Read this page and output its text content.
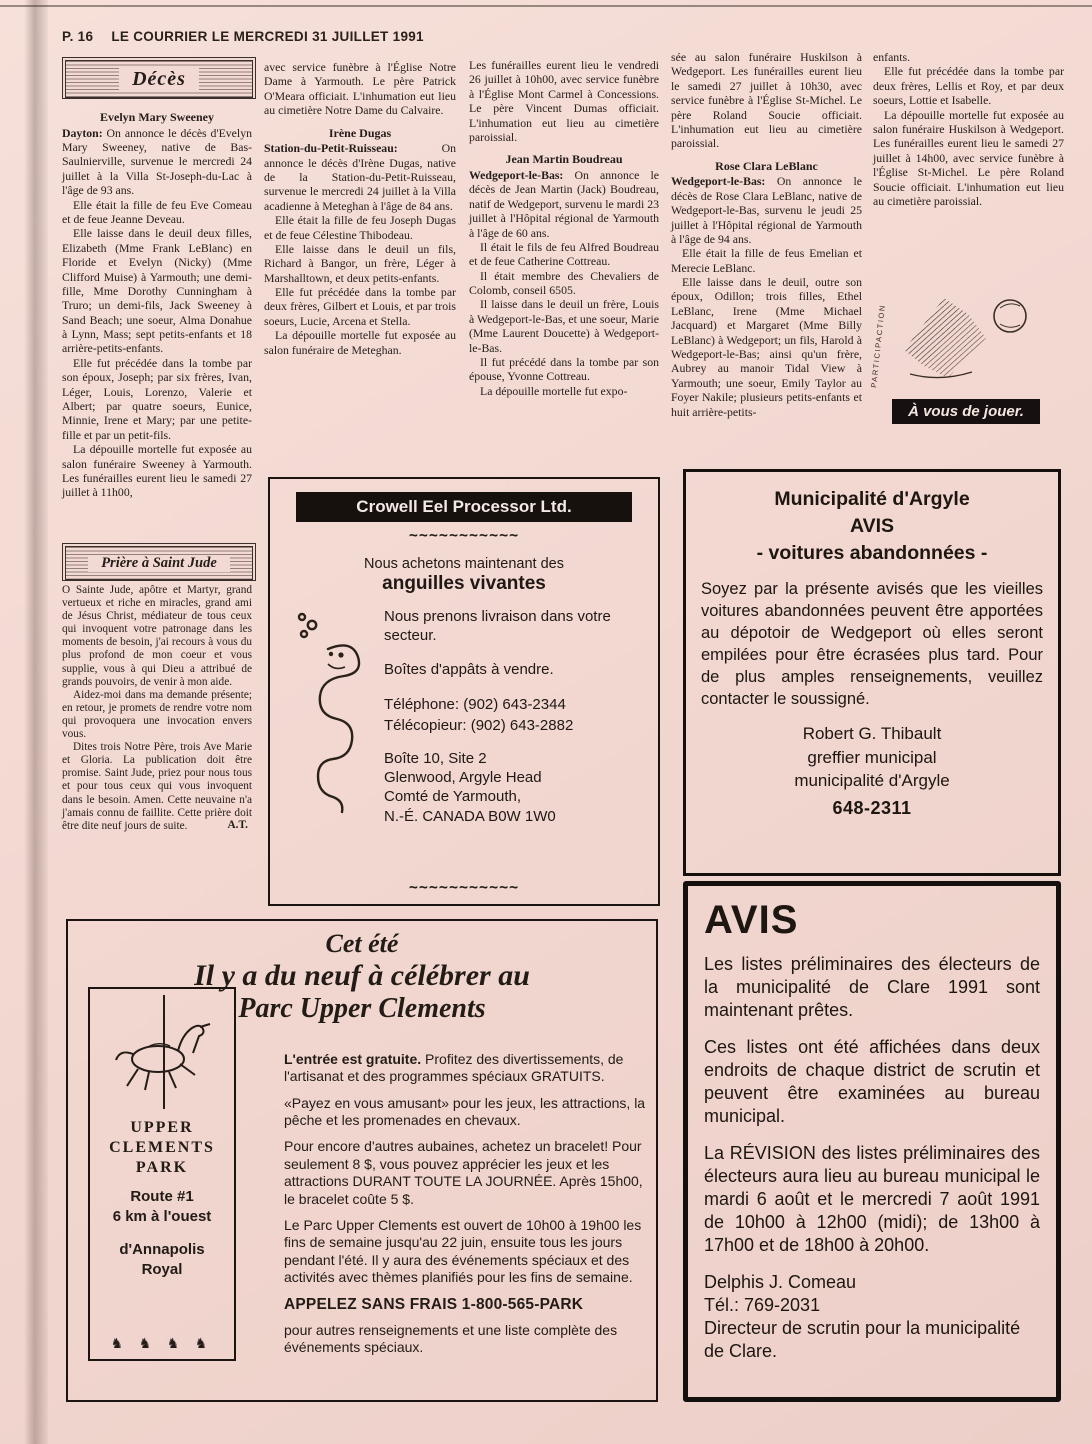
P. 16 LE COURRIER LE MERCREDI 31 JUILLET 1991
Décès
Evelyn Mary Sweeney

Dayton: On annonce le décès d'Evelyn Mary Sweeney, native de Bas-Saulnierville, survenue le mercredi 24 juillet à la Villa St-Joseph-du-Lac à l'âge de 93 ans.

Elle était la fille de feu Eve Comeau et de feue Jeanne Deveau.

Elle laisse dans le deuil deux filles, Elizabeth (Mme Frank LeBlanc) en Floride et Evelyn (Nicky) (Mme Clifford Muise) à Yarmouth; une demi-fille, Mme Dorothy Cunningham à Truro; un demi-fils, Jack Sweeney à Sand Beach; une soeur, Alma Donahue à Lynn, Mass; sept petits-enfants et 18 arrière-petits-enfants.

Elle fut précédée dans la tombe par son époux, Joseph; par six frères, Ivan, Léger, Louis, Lorenzo, Valerie et Albert; par quatre soeurs, Eunice, Minnie, Irene et Mary; par une petite-fille et par un petit-fils.

La dépouille mortelle fut exposée au salon funéraire Sweeney à Yarmouth. Les funérailles eurent lieu le samedi 27 juillet à 11h00,

avec service funèbre à l'Église Notre Dame à Yarmouth. Le père Patrick O'Meara officiait. L'inhumation eut lieu au cimetière Notre Dame du Calvaire.

Irène Dugas

Station-du-Petit-Ruisseau: On annonce le décès d'Irène Dugas, native de la Station-du-Petit-Ruisseau, survenue le mercredi 24 juillet à la Villa acadienne à Meteghan à l'âge de 84 ans.

Elle était la fille de feu Joseph Dugas et de feue Célestine Thibodeau.

Elle laisse dans le deuil un fils, Richard à Bangor, un frère, Léger à Marshalltown, et deux petits-enfants.

Elle fut précédée dans la tombe par deux frères, Gilbert et Louis, et par trois soeurs, Lucie, Arcena et Stella.

La dépouille mortelle fut exposée au salon funéraire de Meteghan.

Les funérailles eurent lieu le vendredi 26 juillet à 10h00, avec service funèbre à l'Église Mont Carmel à Concessions. Le père Vincent Dumas officiait. L'inhumation eut lieu au cimetière paroissial.

Jean Martin Boudreau

Wedgeport-le-Bas: On annonce le décès de Jean Martin (Jack) Boudreau, natif de Wedgeport, survenu le mardi 23 juillet à l'Hôpital régional de Yarmouth à l'âge de 60 ans.

Il était le fils de feu Alfred Boudreau et de feue Catherine Cottreau.

Il était membre des Chevaliers de Colomb, conseil 6505.

Il laisse dans le deuil un frère, Louis à Wedgeport-le-Bas, et une soeur, Marie (Mme Laurent Doucette) à Wedgeport-le-Bas.

Il fut précédé dans la tombe par son épouse, Yvonne Cottreau.

La dépouille mortelle fut expo-

sée au salon funéraire Huskilson à Wedgeport. Les funérailles eurent lieu le samedi 27 juillet à 10h30, avec service funèbre à l'Église St-Michel. Le père Roland Soucie officiait. L'inhumation eut lieu au cimetière paroissial.

Rose Clara LeBlanc

Wedgeport-le-Bas: On annonce le décès de Rose Clara LeBlanc, native de Wedgeport-le-Bas, survenu le jeudi 25 juillet à l'Hôpital régional de Yarmouth à l'âge de 94 ans.

Elle était la fille de feus Emelian et Merecie LeBlanc.

Elle laisse dans le deuil, outre son époux, Odillon; trois filles, Ethel LeBlanc, Irene (Mme Michael Jacquard) et Margaret (Mme Billy LeBlanc) à Wedgeport; un fils, Harold à Wedgeport-le-Bas; ainsi qu'un frère, Aubrey au manoir Tidal View à Yarmouth; une soeur, Emily Taylor au Foyer Nakile; plusieurs petits-enfants et huit arrière-petits-

enfants.

Elle fut précédée dans la tombe par deux frères, Lellis et Roy, et par deux soeurs, Lottie et Isabelle.

La dépouille mortelle fut exposée au salon funéraire Huskilson à Wedgeport. Les funérailles eurent lieu le samedi 27 juillet à 14h00, avec service funèbre à l'Église St-Michel. Le père Roland Soucie officiait. L'inhumation eut lieu au cimetière paroissial.

Prière à Saint Jude

O Sainte Jude, apôtre et Martyr, grand vertueux et riche en miracles, grand ami de Jésus Christ, médiateur de tous ceux qui invoquent votre patronage dans les moments de besoin, j'ai recours à vous du plus profond de mon coeur et vous supplie, vous à qui Dieu a attribué de grands pouvoirs, de venir à mon aide.

Aidez-moi dans ma demande présente; en retour, je promets de rendre votre nom qui provoquera une invocation envers vous.

Dites trois Notre Père, trois Ave Marie et Gloria. La publication doit être promise. Saint Jude, priez pour nous tous et pour tous ceux qui vous invoquent dans le besoin. Amen. Cette neuvaine n'a j'amais connu de faillite. Cette prière doit être dite neuf jours de suite.	A.T.

PARTICIPACTION
À vous de jouer.
Crowell Eel Processor Ltd.
~~~~~~~~~~~
Nous achetons maintenant des
anguilles vivantes

Nous prenons livraison dans votre secteur.

Boîtes d'appâts à vendre.

Téléphone: (902) 643-2344

Télécopieur: (902) 643-2882

Boîte 10, Site 2
Glenwood, Argyle Head
Comté de Yarmouth,
N.-É. CANADA B0W 1W0
~~~~~~~~~~~
Municipalité d'Argyle
AVIS
- voitures abandonnées -
Soyez par la présente avisés que les vieilles voitures abandonnées peuvent être apportées au dépotoir de Wedgeport où elles seront empilées pour être écrasées plus tard. Pour de plus amples renseignements, veuillez contacter le soussigné.
Robert G. Thibault
greffier municipal
municipalité d'Argyle
648-2311
AVIS

Les listes préliminaires des électeurs de la municipalité de Clare 1991 sont maintenant prêtes.

Ces listes ont été affichées dans deux endroits de chaque district de scrutin et peuvent être examinées au bureau municipal.

La RÉVISION des listes préliminaires des électeurs aura lieu au bureau municipal le mardi 6 août et le mercredi 7 août 1991 de 10h00 à 12h00 (midi); de 13h00 à 17h00 et de 18h00 à 20h00.

Delphis J. Comeau

Tél.: 769-2031

Directeur de scrutin pour la municipalité de Clare.

Cet été
Il y a du neuf à célébrer au
Parc Upper Clements
UPPER
CLEMENTS
PARK
Route #1
6 km à l'ouest
d'Annapolis
Royal
♞ ♞ ♞ ♞

L'entrée est gratuite. Profitez des divertissements, de l'artisanat et des programmes spéciaux GRATUITS.

«Payez en vous amusant» pour les jeux, les attractions, la pêche et les promenades en chevaux.

Pour encore d'autres aubaines, achetez un bracelet! Pour seulement 8 $, vous pouvez apprécier les jeux et les attractions DURANT TOUTE LA JOURNÉE. Après 15h00, le bracelet coûte 5 $.

Le Parc Upper Clements est ouvert de 10h00 à 19h00 les fins de semaine jusqu'au 22 juin, ensuite tous les jours pendant l'été. Il y aura des événements spéciaux et des activités avec thèmes planifiés pour les fins de semaine.

APPELEZ SANS FRAIS 1-800-565-PARK

pour autres renseignements et une liste complète des événements spéciaux.
